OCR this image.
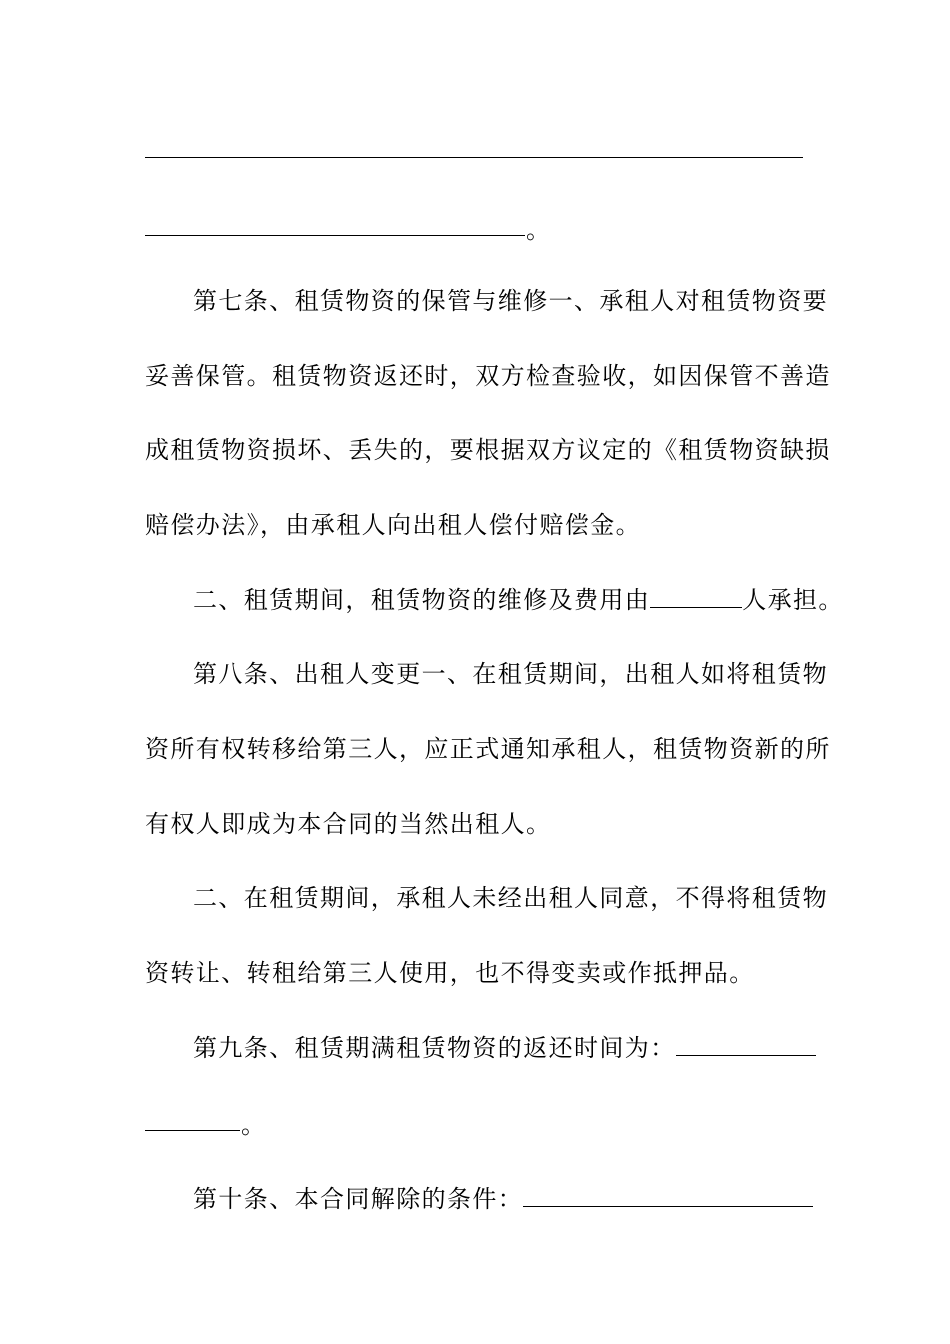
。
第七条、租赁物资的保管与维修一、承租人对租赁物资要
妥善保管。租赁物资返还时，双方检查验收，如因保管不善造
成租赁物资损坏、丢失的，要根据双方议定的《租赁物资缺损
赔偿办法》，由承租人向出租人偿付赔偿金。
二、租赁期间，租赁物资的维修及费用由	人承担。
第八条、出租人变更一、在租赁期间，出租人如将租赁物
资所有权转移给第三人，应正式通知承租人，租赁物资新的所
有权人即成为本合同的当然出租人。
二、在租赁期间，承租人未经出租人同意，不得将租赁物
资转让、转租给第三人使用，也不得变卖或作抵押品。
第九条、租赁期满租赁物资的返还时间为：
。
第十条、本合同解除的条件：
